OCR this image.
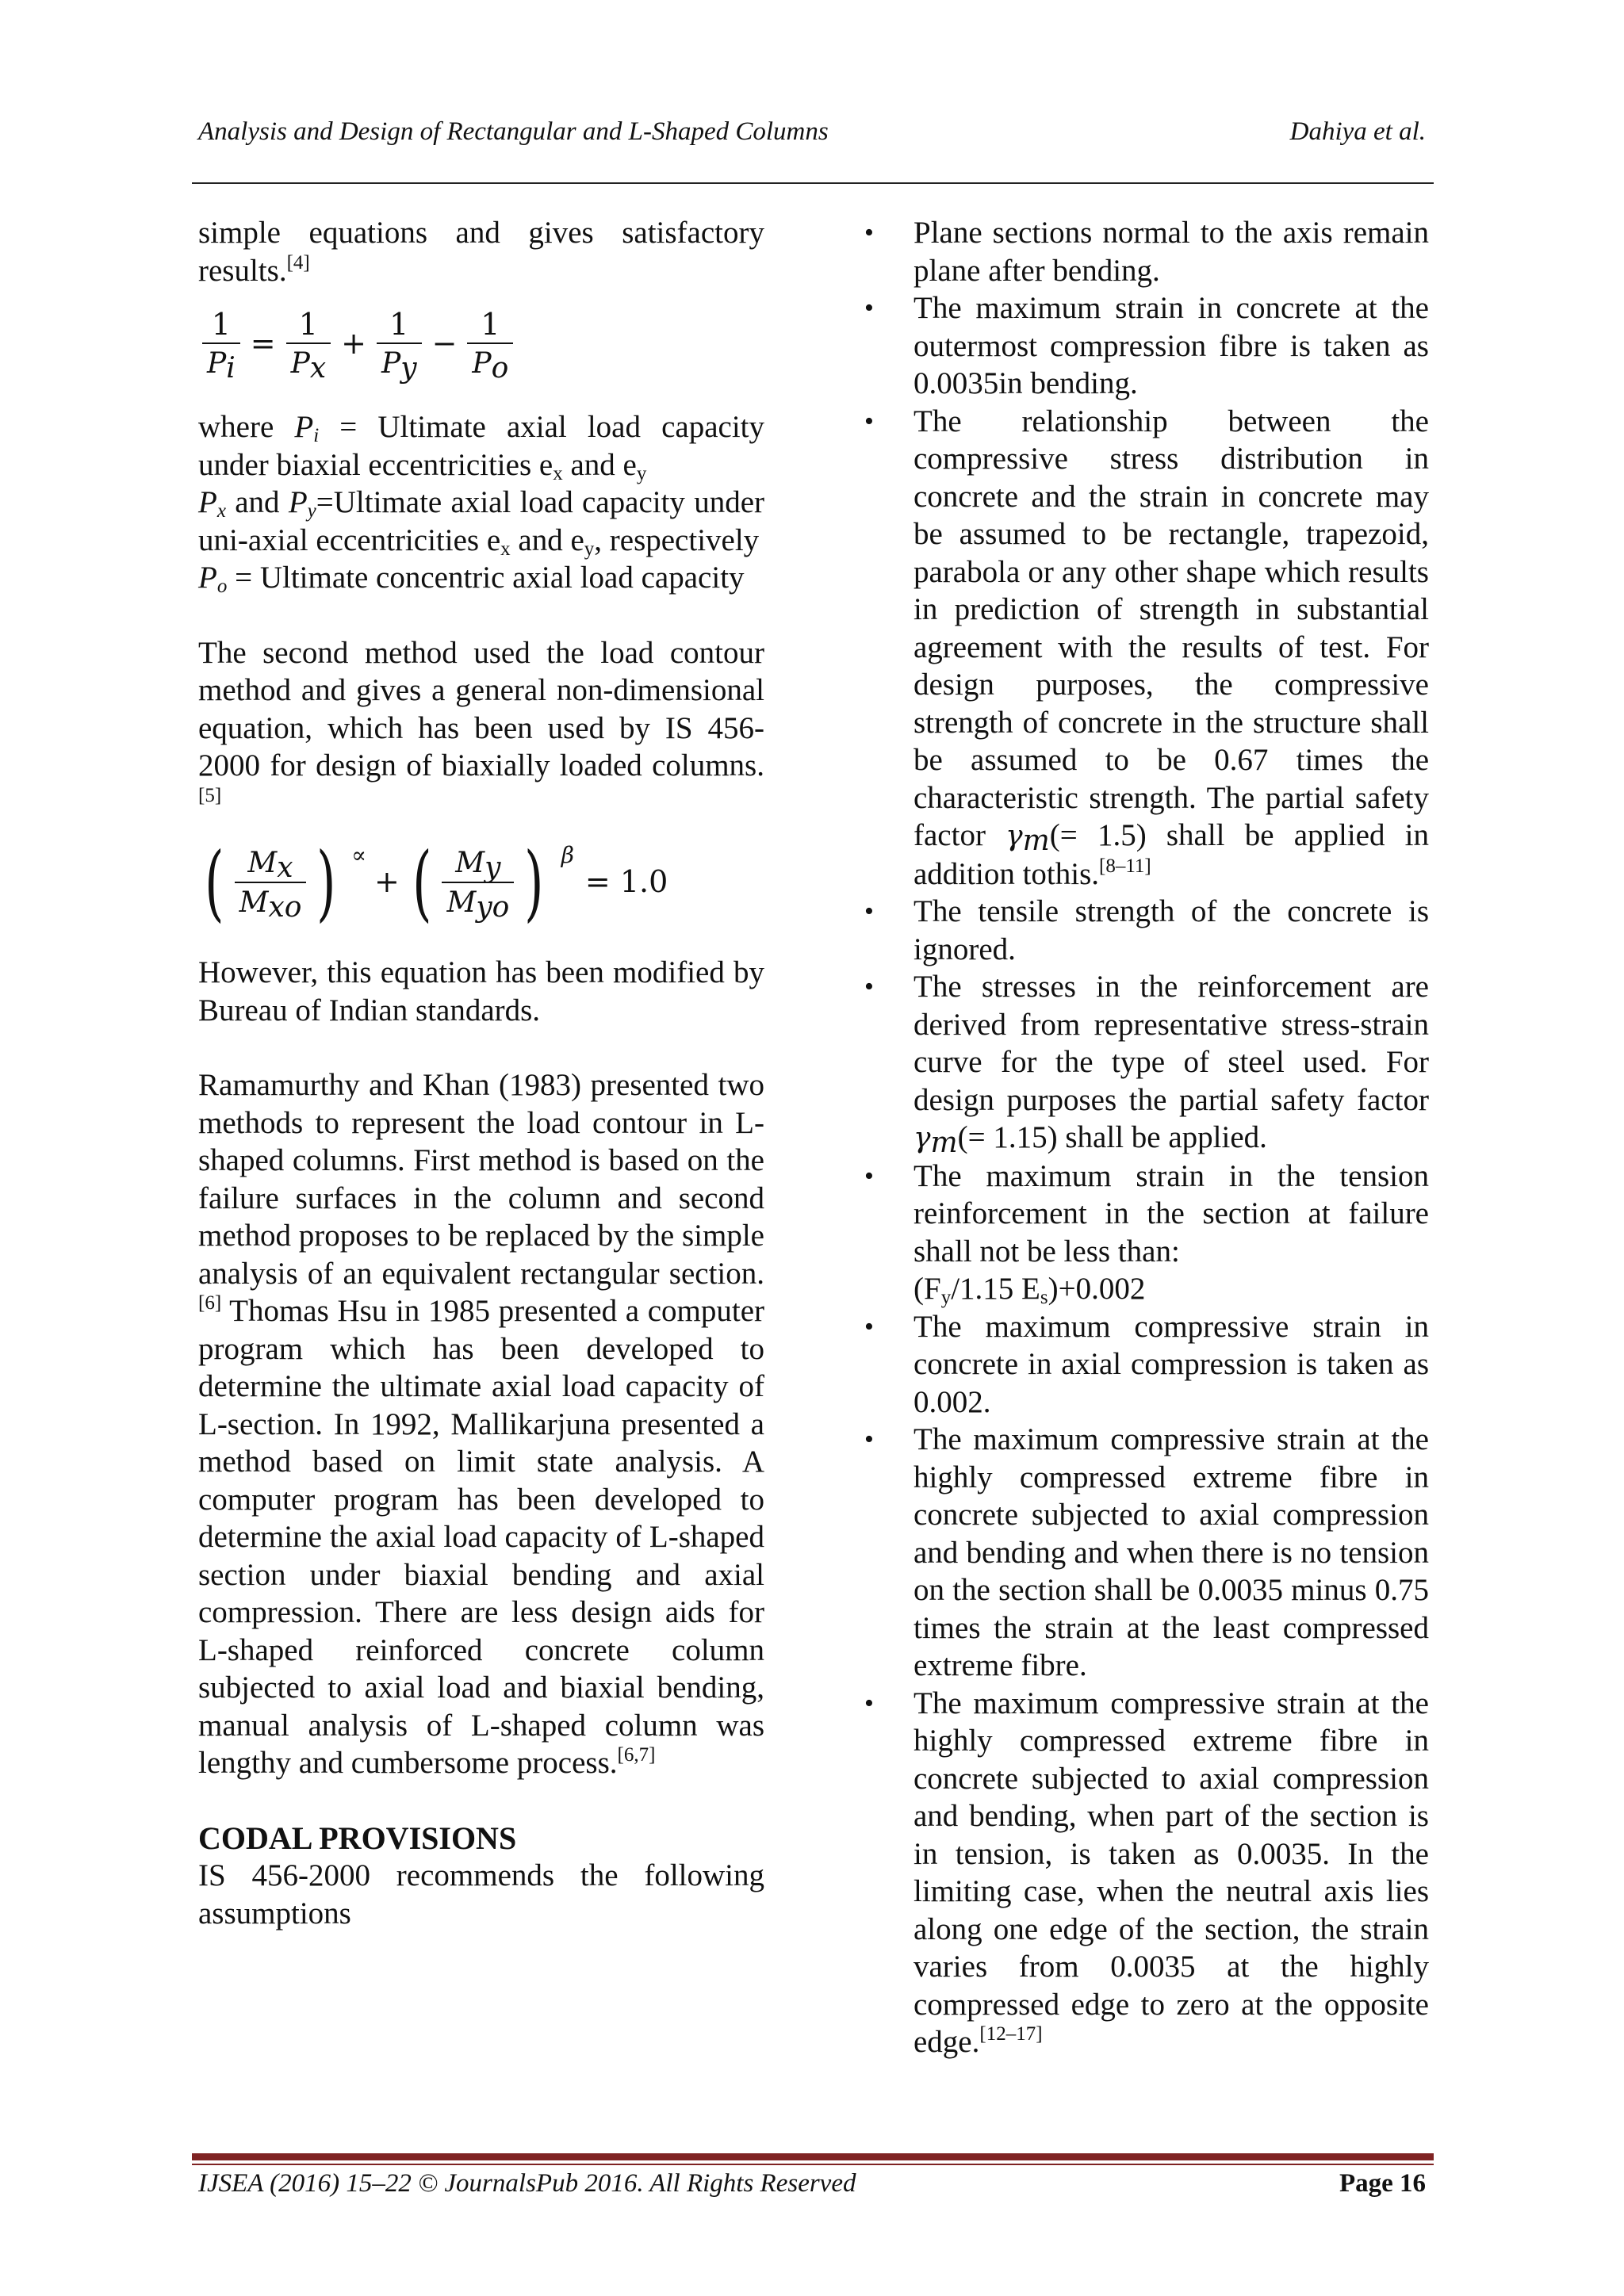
Analysis and Design of Rectangular and L-Shaped Columns	Dahiya et al.

simple equations and gives satisfactory results.[4]

$\frac{1}{P_i} = \frac{1}{P_x} + \frac{1}{P_y} - \frac{1}{P_o}$

where $P_i$ = Ultimate axial load capacity under biaxial eccentricities $e_x$ and $e_y$

$P_x$ and $P_y=Ultimate$ axial load capacity under uni-axial eccentricities $e_x$ and $e_y$, respectively

$P_o$ = Ultimate concentric axial load capacity

The second method used the load contour method and gives a general non-dimensional equation, which has been used by IS 456-2000 for design of biaxially loaded columns.[5]

( $\frac{M_x}{M_{xo}}$ ) ∝
+ ( $\frac{M_y}{M_{yo}}$ ) β
= 1.0

However, this equation has been modified by Bureau of Indian standards.

Ramamurthy and Khan (1983) presented two methods to represent the load contour in L-shaped columns. First method is based on the failure surfaces in the column and second method proposes to be replaced by the simple analysis of an equivalent rectangular section.[6] Thomas Hsu in 1985 presented a computer program which has been developed to determine the ultimate axial load capacity of L-section. In 1992, Mallikarjuna presented a method based on limit state analysis. A computer program has been developed to determine the axial load capacity of L-shaped section under biaxial bending and axial compression. There are less design aids for L-shaped reinforced concrete column subjected to axial load and biaxial bending, manual analysis of L-shaped column was lengthy and cumbersome process.[6,7]

CODAL PROVISIONS

IS 456-2000 recommends the following assumptions

• Plane sections normal to the axis remain plane after bending.
• The maximum strain in concrete at the outermost compression fibre is taken as 0.0035in bending.
• The relationship between the compressive stress distribution in concrete and the strain in concrete may be assumed to be rectangle, trapezoid, parabola or any other shape which results in prediction of strength in substantial agreement with the results of test. For design purposes, the compressive strength of concrete in the structure shall be assumed to be 0.67 times the characteristic strength. The partial safety factor $\gamma_m(= 1.5)$ shall be applied in addition tothis.[8–11]
• The tensile strength of the concrete is ignored.
• The stresses in the reinforcement are derived from representative stress-strain curve for the type of steel used. For design purposes the partial safety factor $\gamma_m(= 1.15)$ shall be applied.
• The maximum strain in the tension reinforcement in the section at failure shall not be less than:
($F_y/1.15$ $E_s)+0.002$
• The maximum compressive strain in concrete in axial compression is taken as 0.002.
• The maximum compressive strain at the highly compressed extreme fibre in concrete subjected to axial compression and bending and when there is no tension on the section shall be 0.0035 minus 0.75 times the strain at the least compressed extreme fibre.
• The maximum compressive strain at the highly compressed extreme fibre in concrete subjected to axial compression and bending, when part of the section is in tension, is taken as 0.0035. In the limiting case, when the neutral axis lies along one edge of the section, the strain varies from 0.0035 at the highly compressed edge to zero at the opposite edge.[12–17]
IJSEA (2016) 15–22 © JournalsPub 2016. All Rights Reserved	Page 16
